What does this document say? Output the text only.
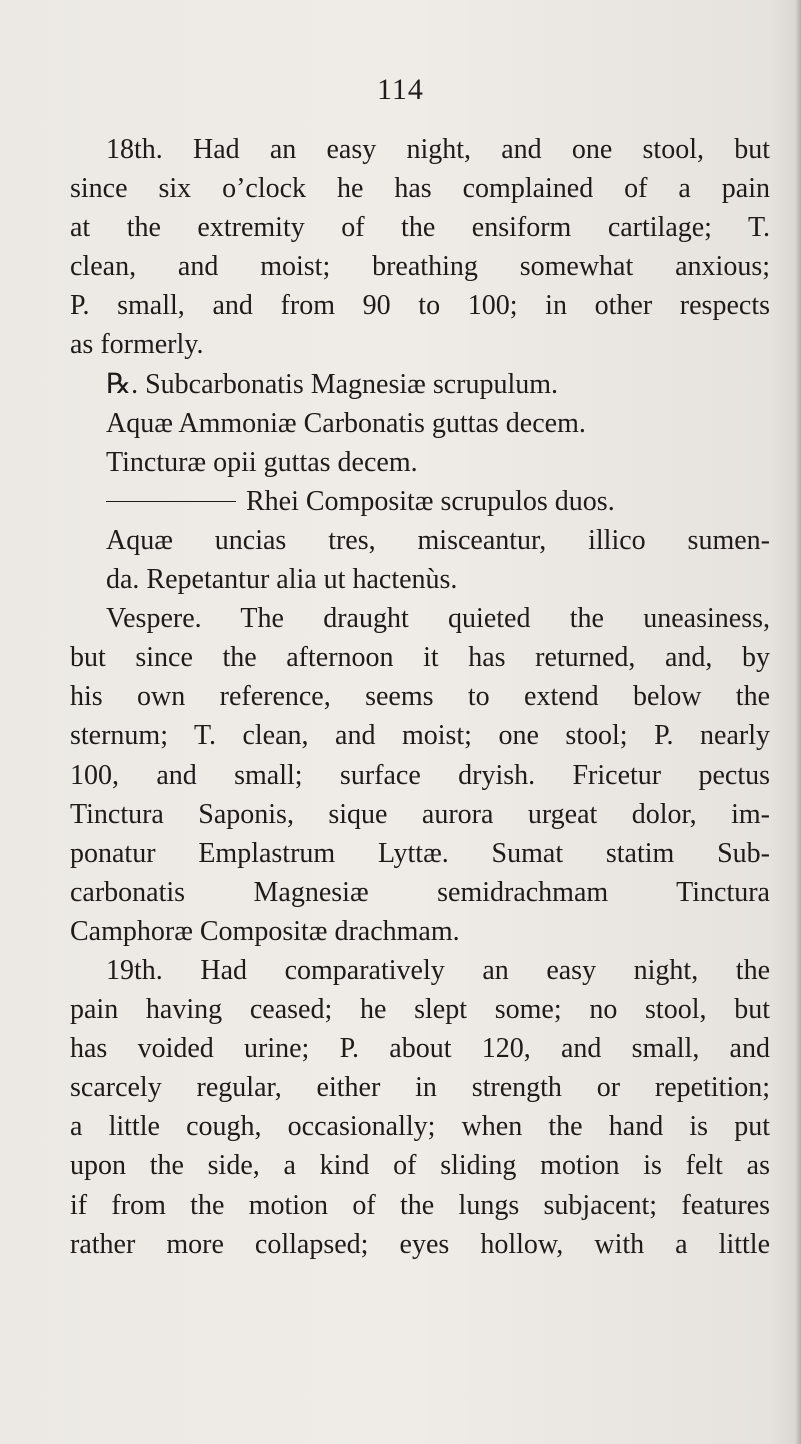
114
18th. Had an easy night, and one stool, but
since six o’clock he has complained of a pain
at the extremity of the ensiform cartilage; T.
clean, and moist; breathing somewhat anxious;
P. small, and from 90 to 100; in other respects
as formerly.
℞. Subcarbonatis Magnesiæ scrupulum.
Aquæ Ammoniæ Carbonatis guttas decem.
Tincturæ opii guttas decem.
Rhei Compositæ scrupulos duos.
Aquæ uncias tres, misceantur, illico sumen-
da. Repetantur alia ut hactenùs.
Vespere. The draught quieted the uneasiness,
but since the afternoon it has returned, and, by
his own reference, seems to extend below the
sternum; T. clean, and moist; one stool; P. nearly
100, and small; surface dryish. Fricetur pectus
Tinctura Saponis, sique aurora urgeat dolor, im-
ponatur Emplastrum Lyttæ. Sumat statim Sub-
carbonatis Magnesiæ semidrachmam Tinctura
Camphoræ Compositæ drachmam.
19th. Had comparatively an easy night, the
pain having ceased; he slept some; no stool, but
has voided urine; P. about 120, and small, and
scarcely regular, either in strength or repetition;
a little cough, occasionally; when the hand is put
upon the side, a kind of sliding motion is felt as
if from the motion of the lungs subjacent; features
rather more collapsed; eyes hollow, with a little
